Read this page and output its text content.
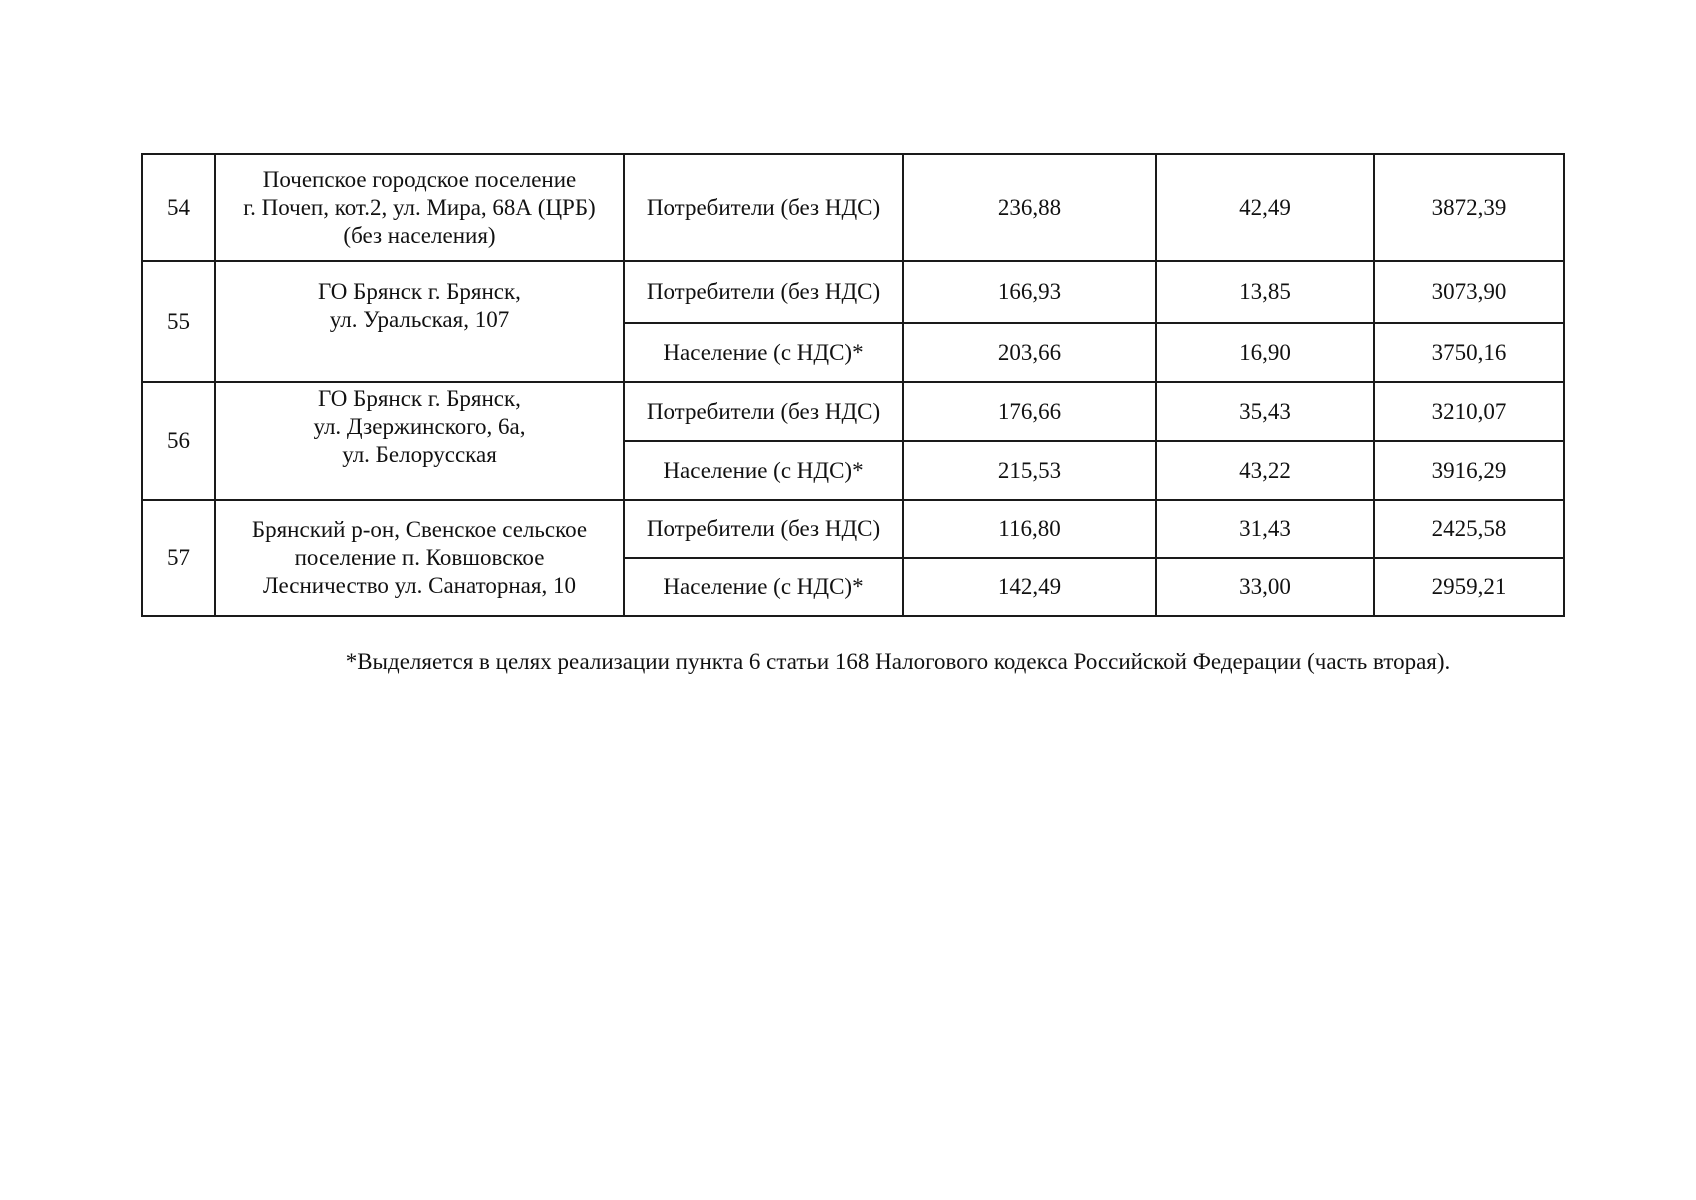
54	Почепское городское поселение
г. Почеп, кот.2, ул. Мира, 68А (ЦРБ)
(без населения)	Потребители (без НДС)	236,88	42,49	3872,39
55	ГО Брянск г. Брянск,
ул. Уральская, 107	Потребители (без НДС)	166,93	13,85	3073,90
		Население (с НДС)*	203,66	16,90	3750,16
56	ГО Брянск г. Брянск,
ул. Дзержинского, 6а,
ул. Белорусская	Потребители (без НДС)	176,66	35,43	3210,07
		Население (с НДС)*	215,53	43,22	3916,29
57	Брянский р-он, Свенское сельское
поселение п. Ковшовское
Лесничество ул. Санаторная, 10	Потребители (без НДС)	116,80	31,43	2425,58
		Население (с НДС)*	142,49	33,00	2959,21
*Выделяется в целях реализации пункта 6 статьи 168 Налогового кодекса Российской Федерации (часть вторая).
